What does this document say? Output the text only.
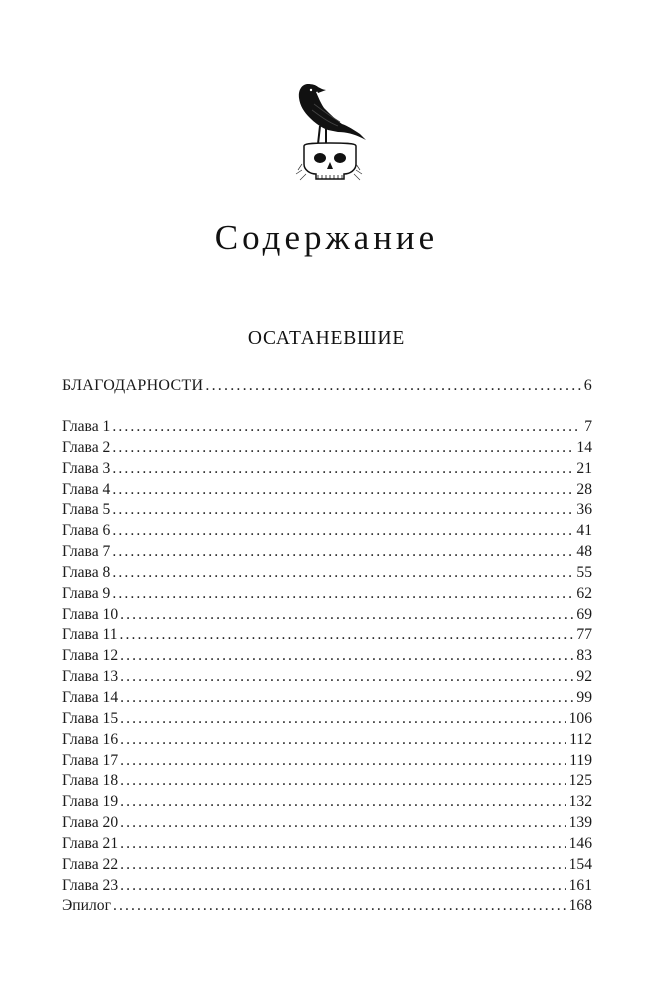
Содержание
ОСАТАНЕВШИЕ
БЛАГОДАРНОСТИ . . .	6
Глава 1 . . .	7
Глава 2 . . .	14
Глава 3 . . .	21
Глава 4 . . .	28
Глава 5 . . .	36
Глава 6 . . .	41
Глава 7 . . .	48
Глава 8 . . .	55
Глава 9 . . .	62
Глава 10 . . .	69
Глава 11 . . .	77
Глава 12 . . .	83
Глава 13 . . .	92
Глава 14 . . .	99
Глава 15 . . .	106
Глава 16 . . .	112
Глава 17 . . .	119
Глава 18 . . .	125
Глава 19 . . .	132
Глава 20 . . .	139
Глава 21 . . .	146
Глава 22 . . .	154
Глава 23 . . .	161
Эпилог . . .	168
